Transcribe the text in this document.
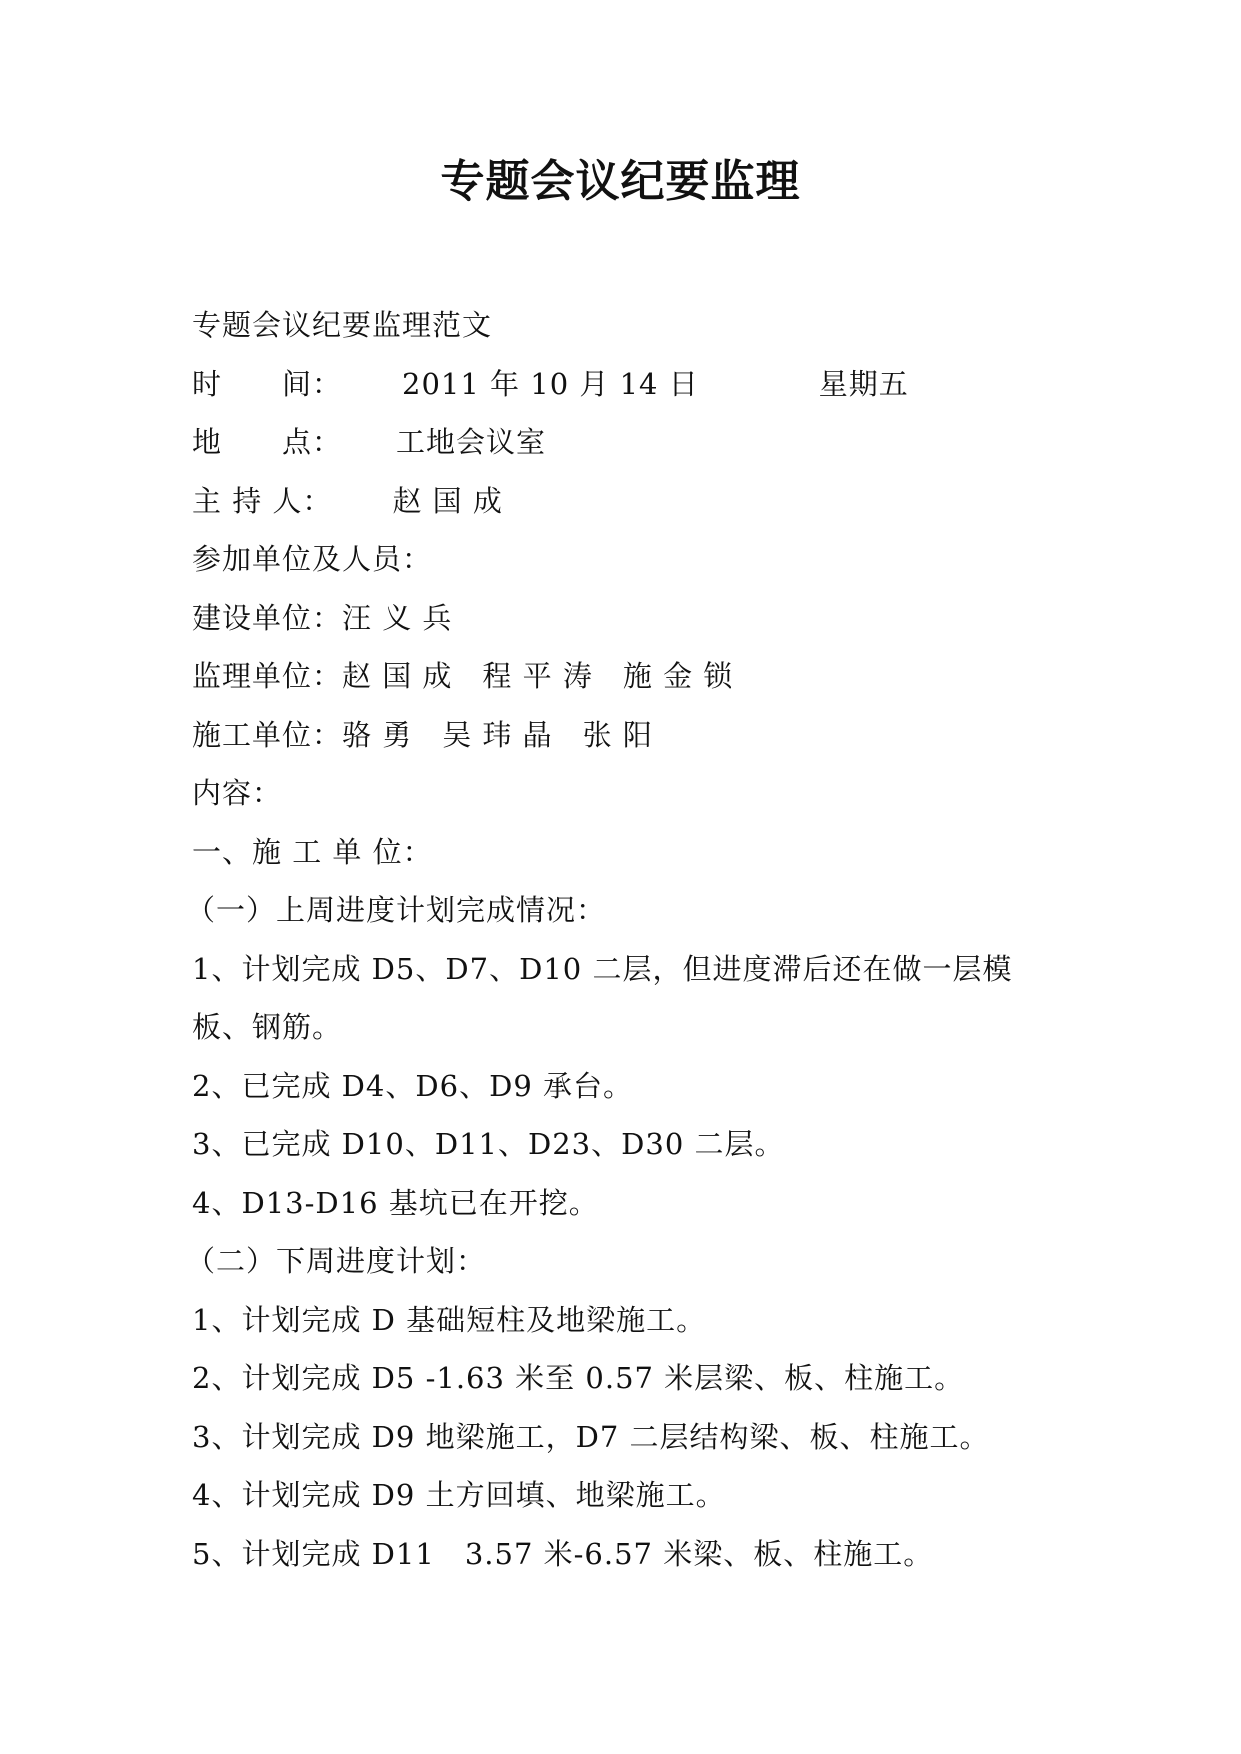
专题会议纪要监理
专题会议纪要监理范文
时　　间： 2011 年 10 月 14 日	星期五
地　　点： 工地会议室
主 持 人： 赵 国 成
参加单位及人员：
建设单位：汪 义 兵
监理单位：赵 国 成　程 平 涛　施 金 锁
施工单位：骆 勇　吴 玮 晶　张 阳
内容：
一、施 工 单 位：
（一）上周进度计划完成情况：
1、计划完成 D5、D7、D10 二层，但进度滞后还在做一层模
板、钢筋。
2、已完成 D4、D6、D9 承台。
3、已完成 D10、D11、D23、D30 二层。
4、D13-D16 基坑已在开挖。
（二）下周进度计划：
1、计划完成 D 基础短柱及地梁施工。
2、计划完成 D5 -1.63 米至 0.57 米层梁、板、柱施工。
3、计划完成 D9 地梁施工，D7 二层结构梁、板、柱施工。
4、计划完成 D9 土方回填、地梁施工。
5、计划完成 D11　3.57 米-6.57 米梁、板、柱施工。
